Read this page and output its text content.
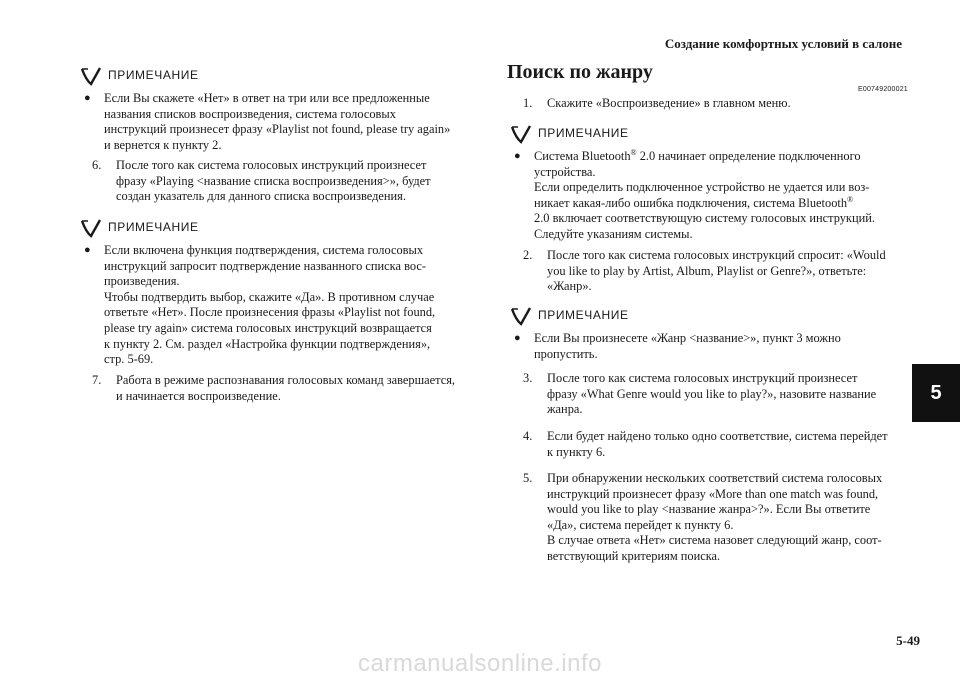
Создание комфортных условий в салоне
ПРИМЕЧАНИЕ
●	Если Вы скажете «Нет» в ответ на три или все предложенные
названия списков воспроизведения, система голосовых
инструкций произнесет фразу «Playlist not found, please try again»
и вернется к пункту 2.
6.	После того как система голосовых инструкций произнесет
фразу «Playing <название списка воспроизведения>», будет
создан указатель для данного списка воспроизведения.
ПРИМЕЧАНИЕ
●	Если включена функция подтверждения, система голосовых
инструкций запросит подтверждение названного списка вос-
произведения.
Чтобы подтвердить выбор, скажите «Да». В противном случае
ответьте «Нет». После произнесения фразы «Playlist not found,
please try again» система голосовых инструкций возвращается
к пункту 2. См. раздел «Настройка функции подтверждения»,
стр. 5-69.
7.	Работа в режиме распознавания голосовых команд завершается,
и начинается воспроизведение.
Поиск по жанру
E00749200021
1.	Скажите «Воспроизведение» в главном меню.
ПРИМЕЧАНИЕ
●	Система Bluetooth® 2.0 начинает определение подключенного
устройства.
Если определить подключенное устройство не удается или воз-
никает какая-либо ошибка подключения, система Bluetooth®
2.0 включает соответствующую систему голосовых инструкций.
Следуйте указаниям системы.
2.	После того как система голосовых инструкций спросит: «Would
you like to play by Artist, Album, Playlist or Genre?», ответьте:
«Жанр».
ПРИМЕЧАНИЕ
●	Если Вы произнесете «Жанр <название>», пункт 3 можно
пропустить.
3.	После того как система голосовых инструкций произнесет
фразу «What Genre would you like to play?», назовите название
жанра.
4.	Если будет найдено только одно соответствие, система перейдет
к пункту 6.
5.	При обнаружении нескольких соответствий система голосовых
инструкций произнесет фразу «More than one match was found,
would you like to play <название жанра>?». Если Вы ответите
«Да», система перейдет к пункту 6.
В случае ответа «Нет» система назовет следующий жанр, соот-
ветствующий критериям поиска.
5
5-49
carmanualsonline.info
